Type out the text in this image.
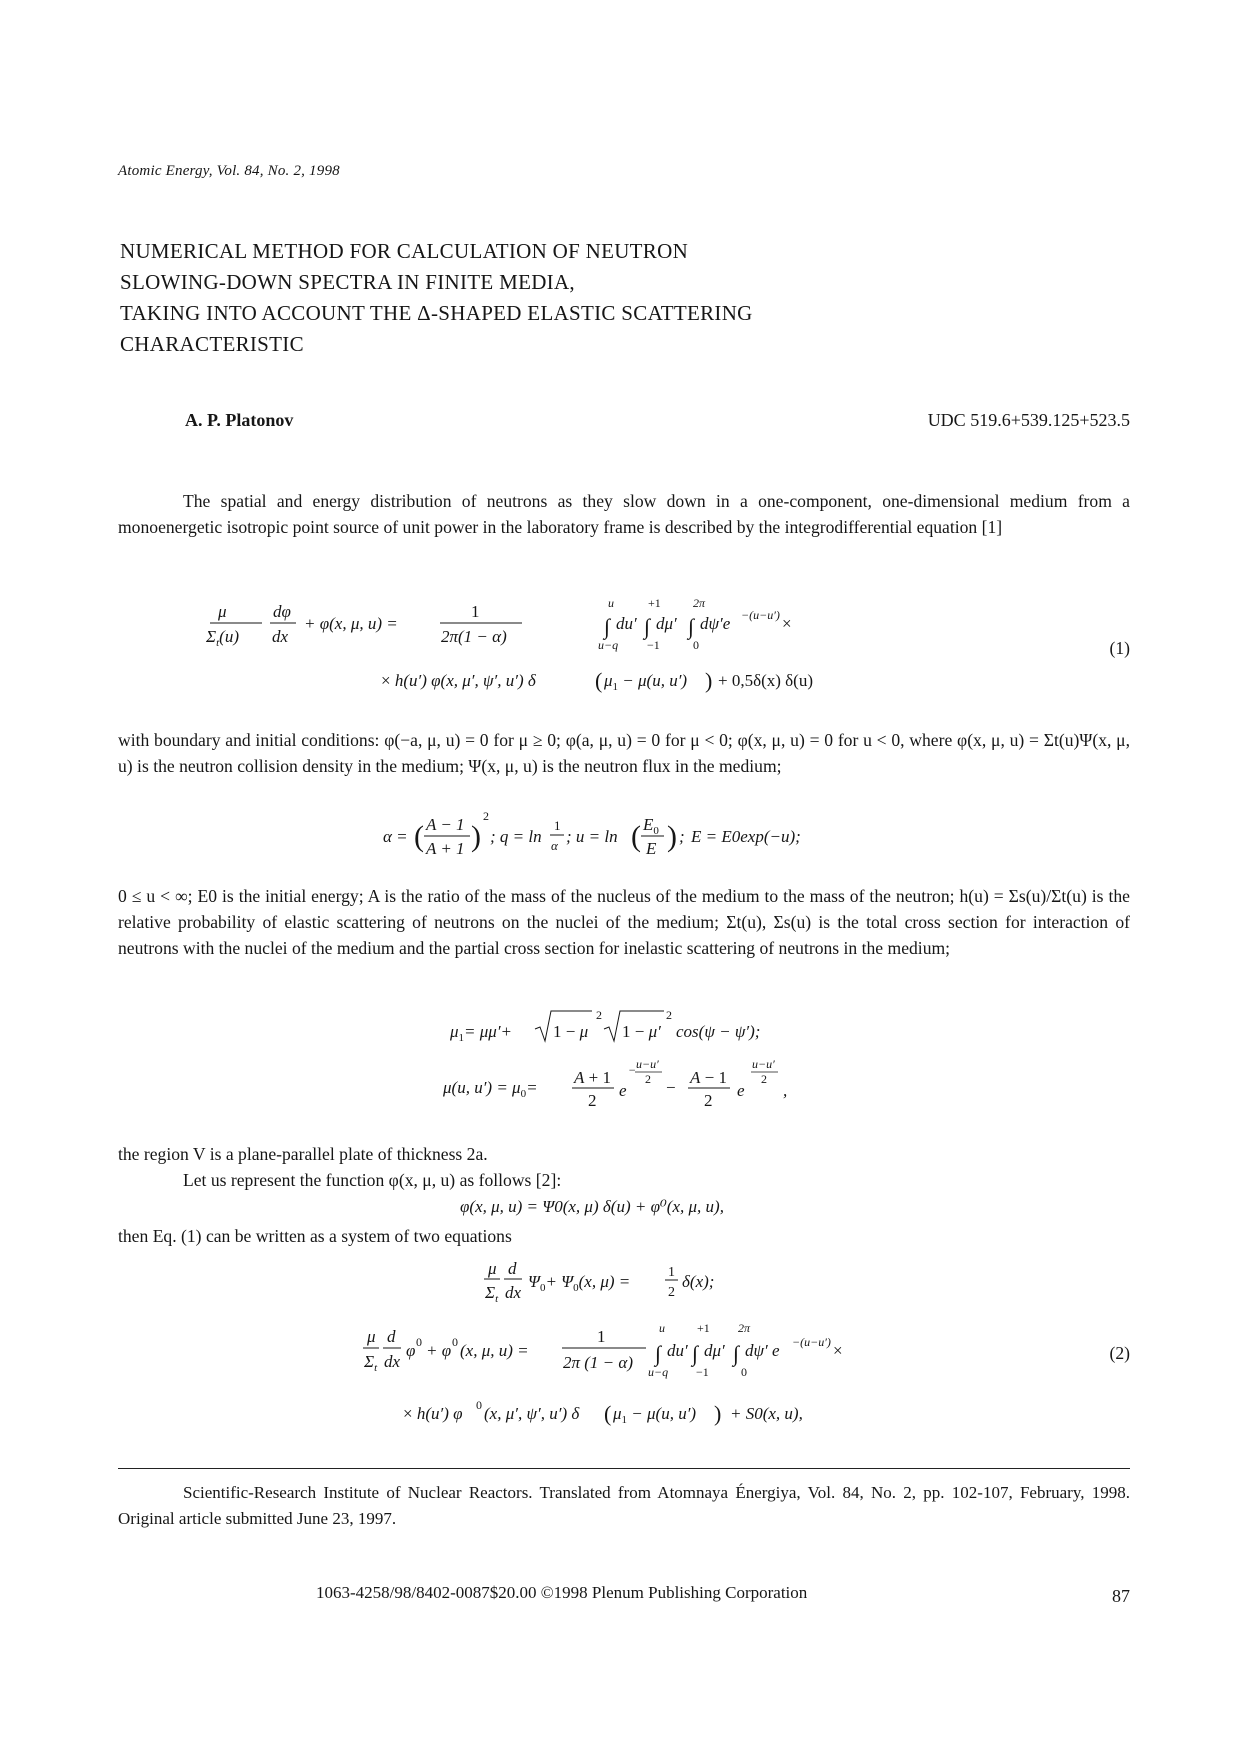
Atomic Energy, Vol. 84, No. 2, 1998
NUMERICAL METHOD FOR CALCULATION OF NEUTRON
SLOWING-DOWN SPECTRA IN FINITE MEDIA,
TAKING INTO ACCOUNT THE Δ-SHAPED ELASTIC SCATTERING
CHARACTERISTIC
A. P. Platonov	UDC 519.6+539.125+523.5
The spatial and energy distribution of neutrons as they slow down in a one-component, one-dimensional medium from a monoenergetic isotropic point source of unit power in the laboratory frame is described by the integrodifferential equation [1]
μ
$\Sigma_t(u)$
dφ
dx
+ φ(x, μ, u) =
1
2π(1 − α)
u	+1	2π
∫ du′ ∫ dμ′ ∫ dψ′e −(u−u′) ×
u−q −1	0
× h(u′) φ(x, μ′, ψ′, u′) δ	( $\mu_1 - \mu(u$, u′) ) + 0,5δ(x) δ(u)
(1)
with boundary and initial conditions: φ(−a, μ, u) = 0 for μ ≥ 0; φ(a, μ, u) = 0 for μ < 0; φ(x, μ, u) = 0 for u < 0, where φ(x, μ, u) = Σt(u)Ψ(x, μ, u) is the neutron collision density in the medium; Ψ(x, μ, u) is the neutron flux in the medium;
α = ( A − 1
A + 1 )
2
; q = ln
1
α ; u = ln ( $E_0$
E ) ; E = E0exp(−u);
0 ≤ u < ∞; E0 is the initial energy; A is the ratio of the mass of the nucleus of the medium to the mass of the neutron; h(u) = Σs(u)/Σt(u) is the relative probability of elastic scattering of neutrons on the nuclei of the medium; Σt(u), Σs(u) is the total cross section for interaction of neutrons with the nuclei of the medium and the partial cross section for inelastic scattering of neutrons in the medium;
$\mu_1= \mu\mu'+ 1 - \mu$
2
1 − μ′
2
cos(ψ − ψ′);
μ(u, $u') = \mu_0=$
A + 1
2
e
− u−u′
2 −
A − 1
2
e
u−u′
2
,
the region V is a plane-parallel plate of thickness 2a.
Let us represent the function φ(x, μ, u) as follows [2]:
φ(x, μ, u) = Ψ0(x, μ) δ(u) + φ⁰(x, μ, u),
then Eq. (1) can be written as a system of two equations
μ
$\Sigma_t$
d
dx
$\Psi_0+ \Psi_0(x$, μ) =	1
2
δ(x);
μ
$\Sigma_t$
d
dx
φ 0 + φ 0 (x, μ, u) =
1
2π (1 − α)
u	+1 2π
∫ du′ ∫ dμ′ ∫ dψ′ e −(u−u′) ×
u−q −1	0
× h(u′) φ 0 (x, μ′, ψ′, u′) δ ( $\mu_1 - \mu(u$, u′) ) + S0(x, u),
(2)
Scientific-Research Institute of Nuclear Reactors. Translated from Atomnaya Énergiya, Vol. 84, No. 2, pp. 102-107, February, 1998. Original article submitted June 23, 1997.
1063-4258/98/8402-0087$20.00 ©1998 Plenum Publishing Corporation	87
